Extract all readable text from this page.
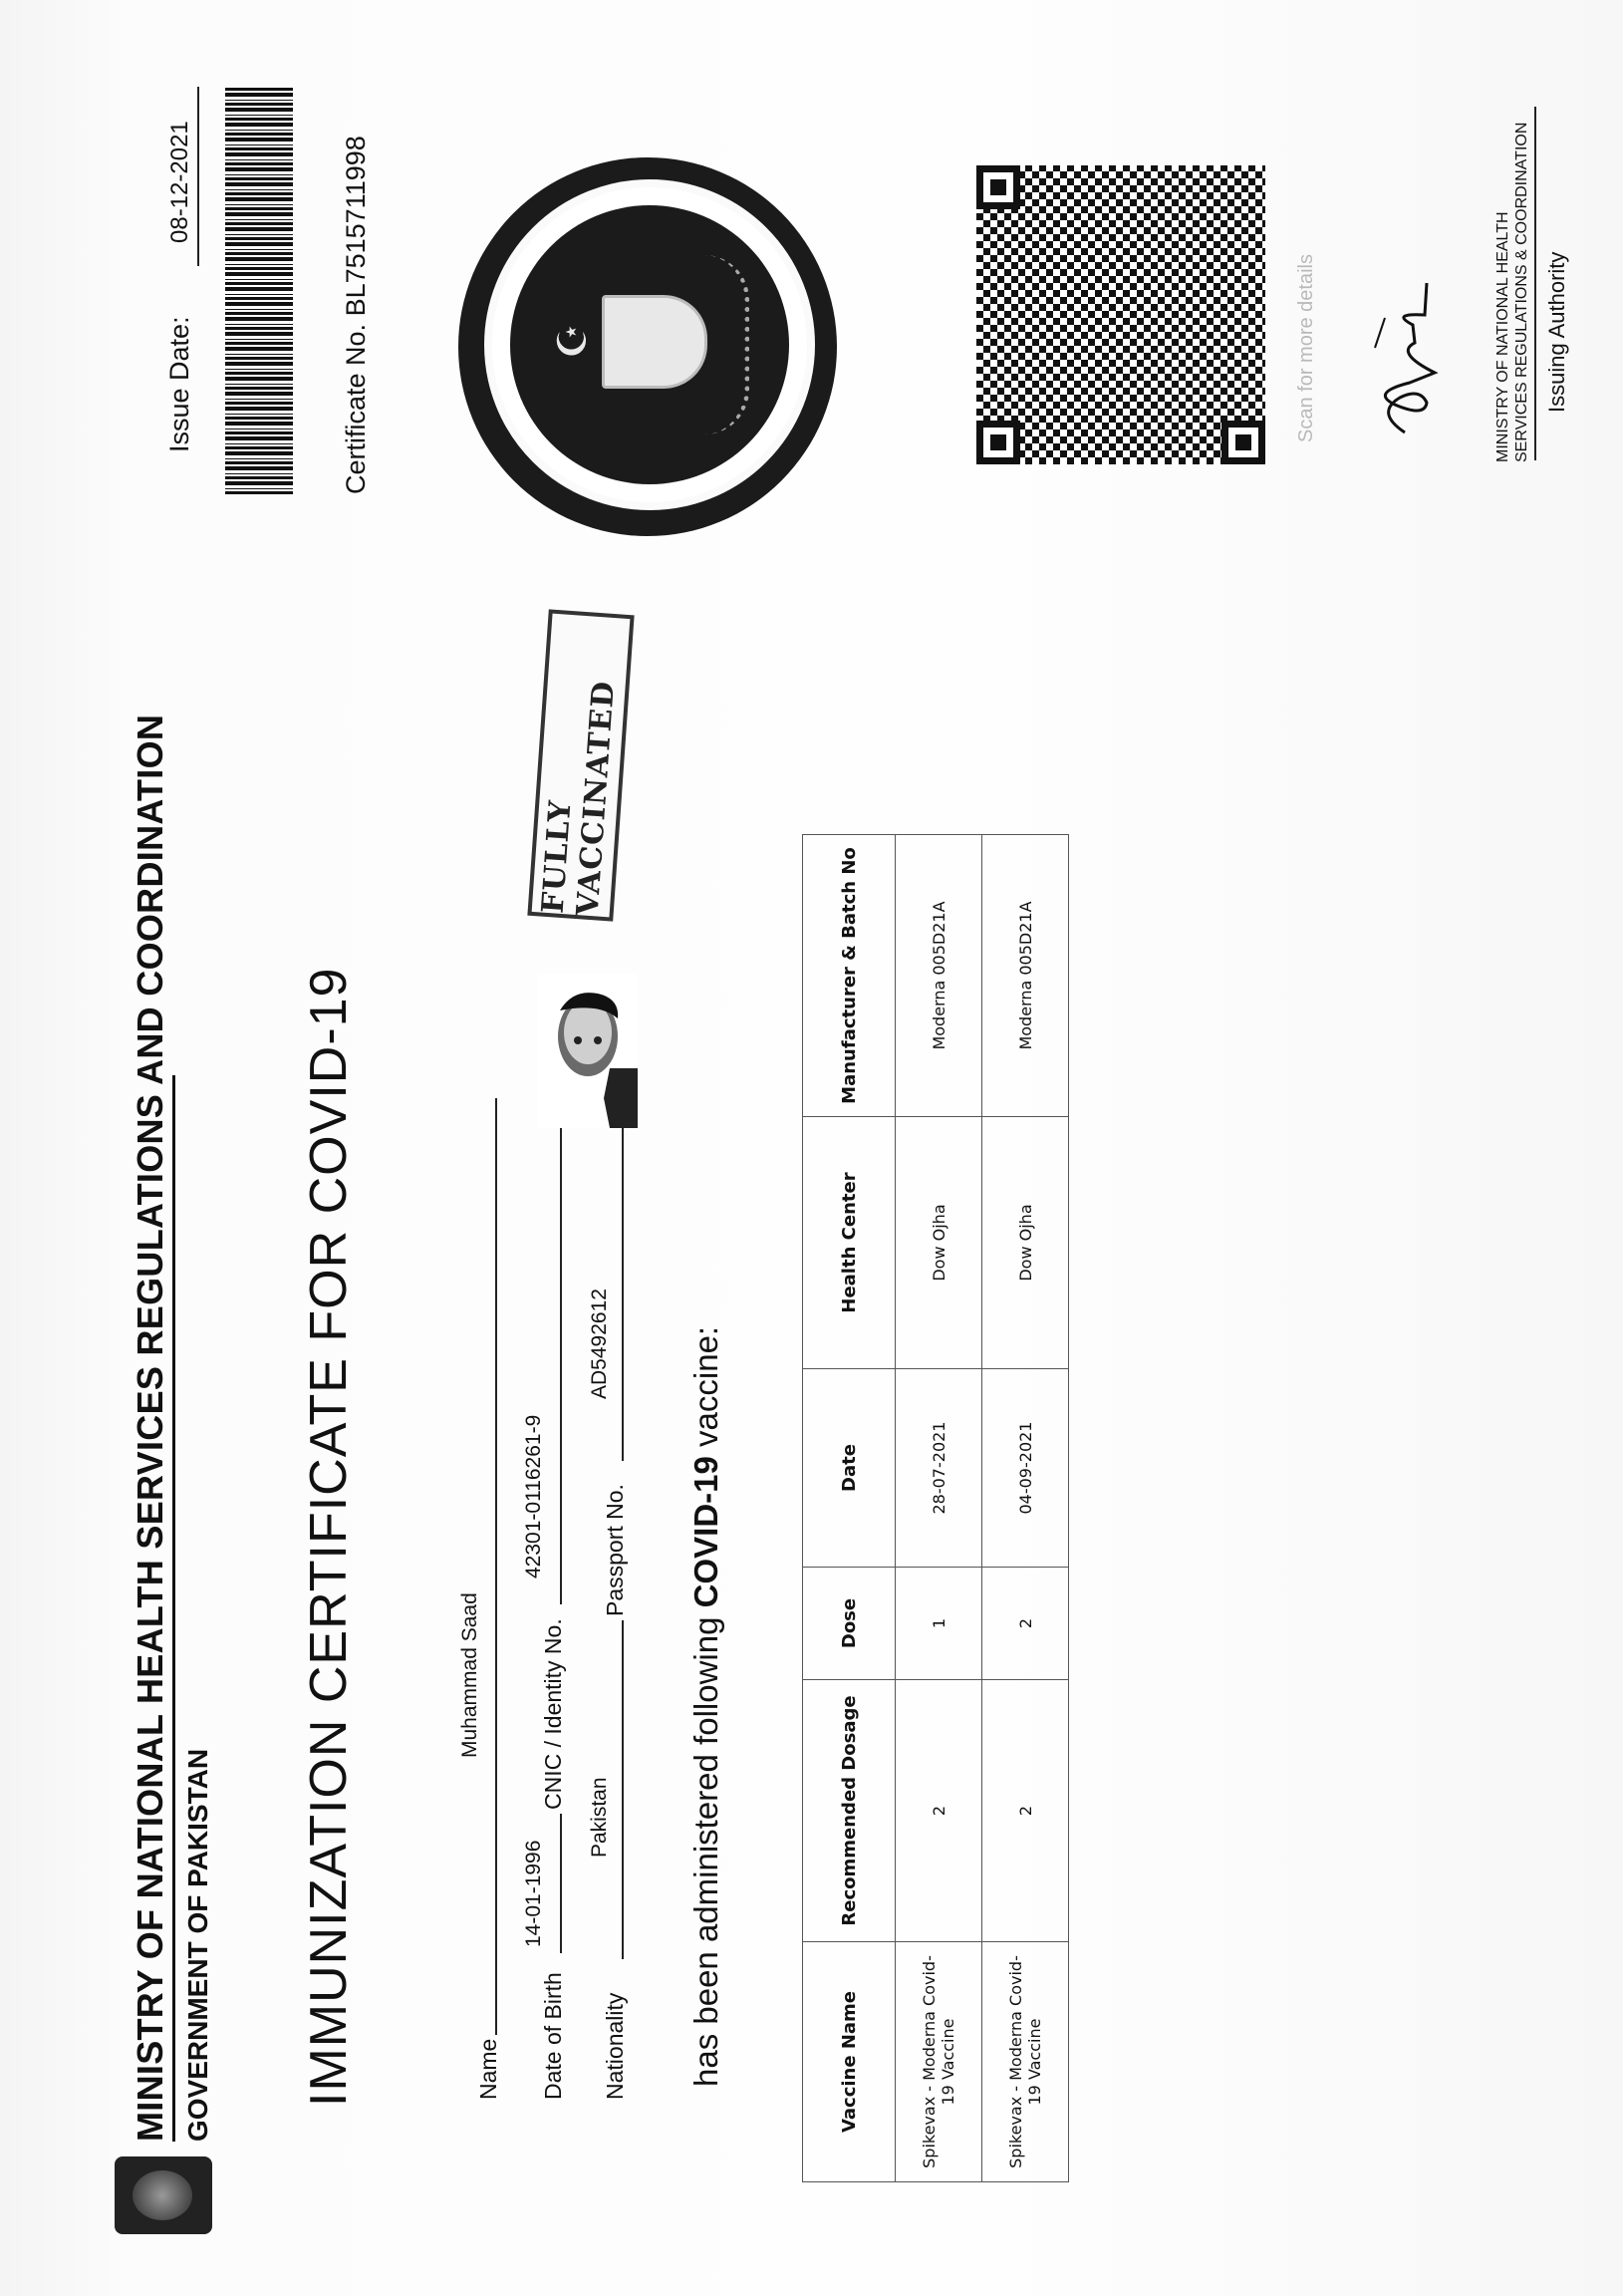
MINISTRY OF NATIONAL HEALTH SERVICES REGULATIONS AND COORDINATION GOVERNMENT OF PAKISTAN IMMUNIZATION CERTIFICATE FOR COVID-19	Name
Muhammad Saad
Date of Birth
14-01-1996
CNIC / Identity No.
42301-0116261-9
Nationality
Pakistan
Passport No.
AD5492612
has been administered following COVID-19 vaccine:
FULLY VACCINATED
Issue Date:
08-12-2021
Certificate No. BL7515711998
☪	Scan for more details	MINISTRY OF NATIONAL HEALTH SERVICES REGULATIONS & COORDINATION Issuing Authority
Vaccine Name	Recommended Dosage	Dose	Date	Health Center	Manufacturer & Batch No
Spikevax - Moderna Covid-19 Vaccine	2	1	28-07-2021	Dow Ojha	Moderna 005D21A
Spikevax - Moderna Covid-19 Vaccine	2	2	04-09-2021	Dow Ojha	Moderna 005D21A
